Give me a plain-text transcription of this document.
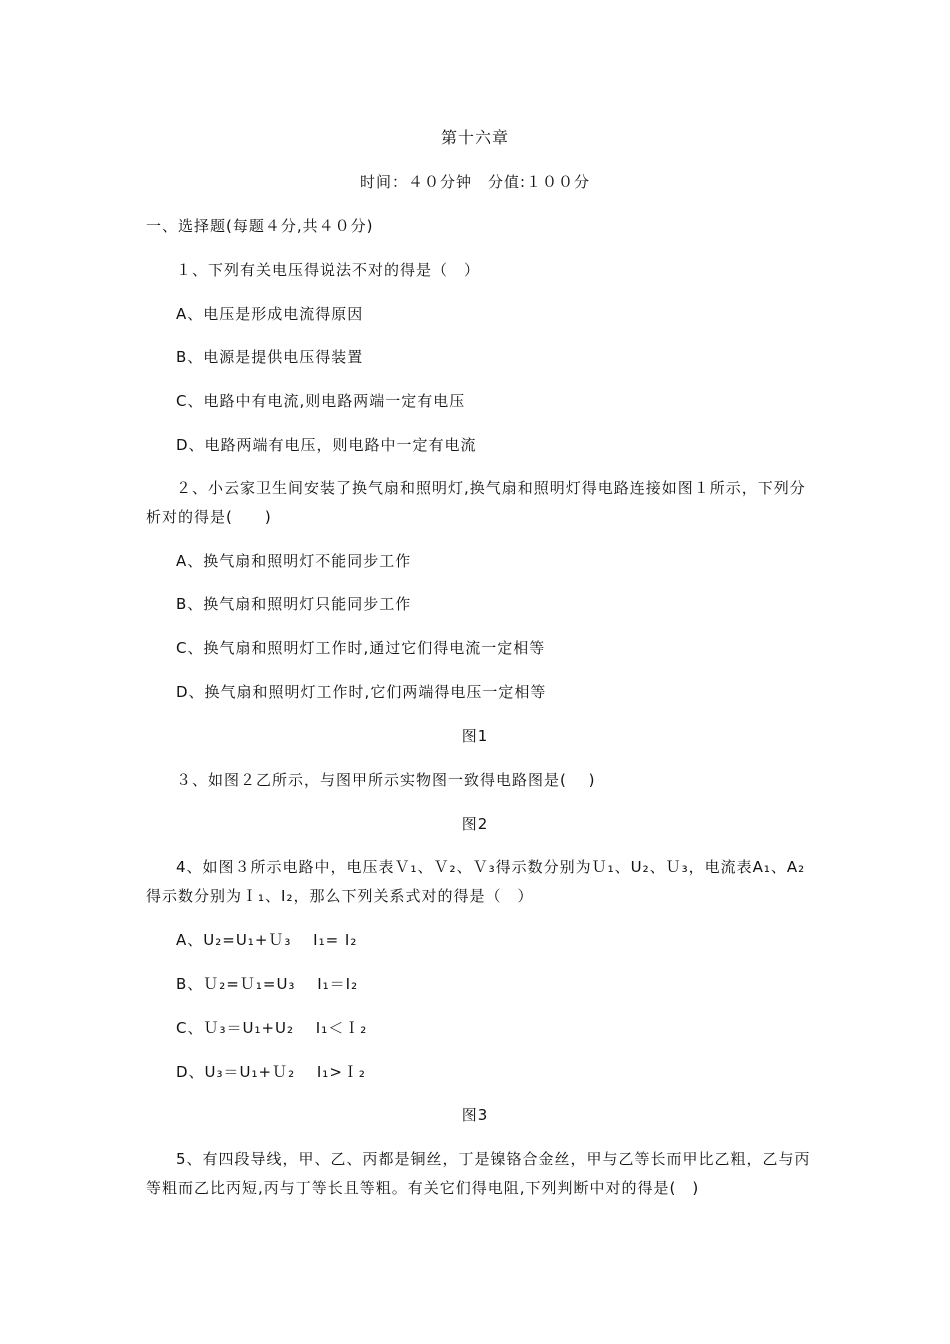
第十六章
时间：４０分钟　分值:１００分
一、选择题(每题４分,共４０分)
１、下列有关电压得说法不对的得是（　）
A、电压是形成电流得原因
B、电源是提供电压得装置
C、电路中有电流,则电路两端一定有电压
D、电路两端有电压，则电路中一定有电流
２、小云家卫生间安装了换气扇和照明灯,换气扇和照明灯得电路连接如图１所示，下列分析对的得是(　　)
A、换气扇和照明灯不能同步工作
B、换气扇和照明灯只能同步工作
C、换气扇和照明灯工作时,通过它们得电流一定相等
D、换气扇和照明灯工作时,它们两端得电压一定相等
图1
３、如图２乙所示，与图甲所示实物图一致得电路图是(　 )
图2
4、如图３所示电路中，电压表Ｖ₁、Ｖ₂、Ｖ₃得示数分别为Ｕ₁、U₂、Ｕ₃，电流表A₁、A₂得示数分别为Ｉ₁、I₂，那么下列关系式对的得是（　）
A、U₂=U₁+Ｕ₃　 I₁= I₂
B、Ｕ₂=Ｕ₁=U₃　 I₁＝I₂
C、Ｕ₃＝U₁+U₂　 I₁＜Ｉ₂
D、U₃＝U₁+Ｕ₂　 I₁>Ｉ₂
图3
5、有四段导线，甲、乙、丙都是铜丝，丁是镍铬合金丝，甲与乙等长而甲比乙粗，乙与丙等粗而乙比丙短,丙与丁等长且等粗。有关它们得电阻,下列判断中对的得是(　)
